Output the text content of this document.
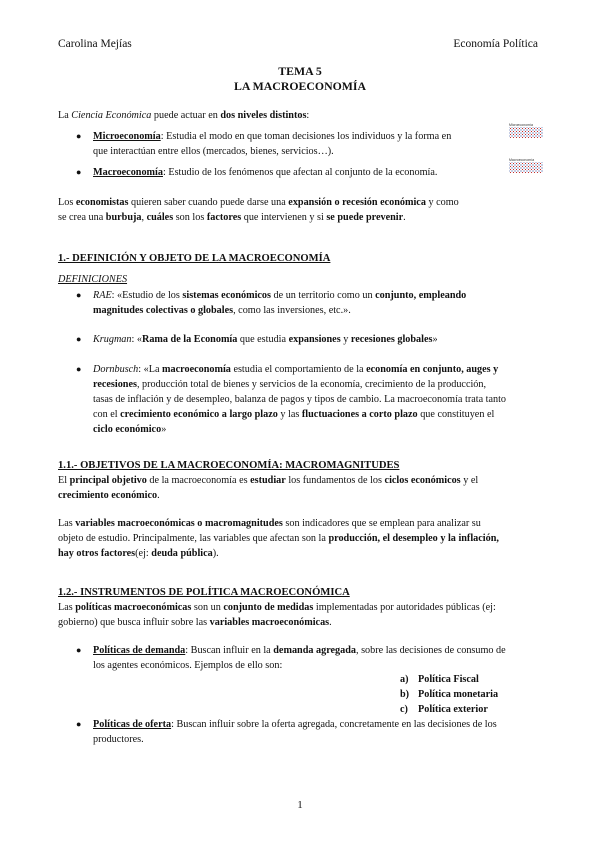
Carolina Mejías	Economía Política
TEMA 5
LA MACROECONOMÍA

La Ciencia Económica puede actuar en dos niveles distintos:

● Microeconomía: Estudia el modo en que toman decisiones los individuos y la forma en

que interactúan entre ellos (mercados, bienes, servicios…).

● Macroeconomía: Estudio de los fenómenos que afectan al conjunto de la economía.

Microeconomía
Macroeconomía

Los economistas quieren saber cuando puede darse una expansión o recesión económica y como

se crea una burbuja, cuáles son los factores que intervienen y si se puede prevenir.

1.- DEFINICIÓN Y OBJETO DE LA MACROECONOMÍA

DEFINICIONES

● RAE: «Estudio de los sistemas económicos de un territorio como un conjunto, empleando

magnitudes colectivas o globales, como las inversiones, etc.».

● Krugman: «Rama de la Economía que estudia expansiones y recesiones globales»

● Dornbusch: «La macroeconomía estudia el comportamiento de la economía en conjunto, auges y

recesiones, producción total de bienes y servicios de la economía, crecimiento de la producción,

tasas de inflación y de desempleo, balanza de pagos y tipos de cambio. La macroeconomía trata tanto

con el crecimiento económico a largo plazo y las fluctuaciones a corto plazo que constituyen el

ciclo económico»

1.1.- OBJETIVOS DE LA MACROECONOMÍA: MACROMAGNITUDES

El principal objetivo de la macroeconomía es estudiar los fundamentos de los ciclos económicos y el

crecimiento económico.

Las variables macroeconómicas o macromagnitudes son indicadores que se emplean para analizar su

objeto de estudio. Principalmente, las variables que afectan son la producción, el desempleo y la inflación,

hay otros factores(ej: deuda pública).

1.2.- INSTRUMENTOS DE POLÍTICA MACROECONÓMICA

Las políticas macroeconómicas son un conjunto de medidas implementadas por autoridades públicas (ej:

gobierno) que busca influir sobre las variables macroeconómicas.

● Políticas de demanda: Buscan influir en la demanda agregada, sobre las decisiones de consumo de

los agentes económicos. Ejemplos de ello son:

a) Política Fiscal

b) Política monetaria

c) Política exterior

● Políticas de oferta: Buscan influir sobre la oferta agregada, concretamente en las decisiones de los

productores.

1
